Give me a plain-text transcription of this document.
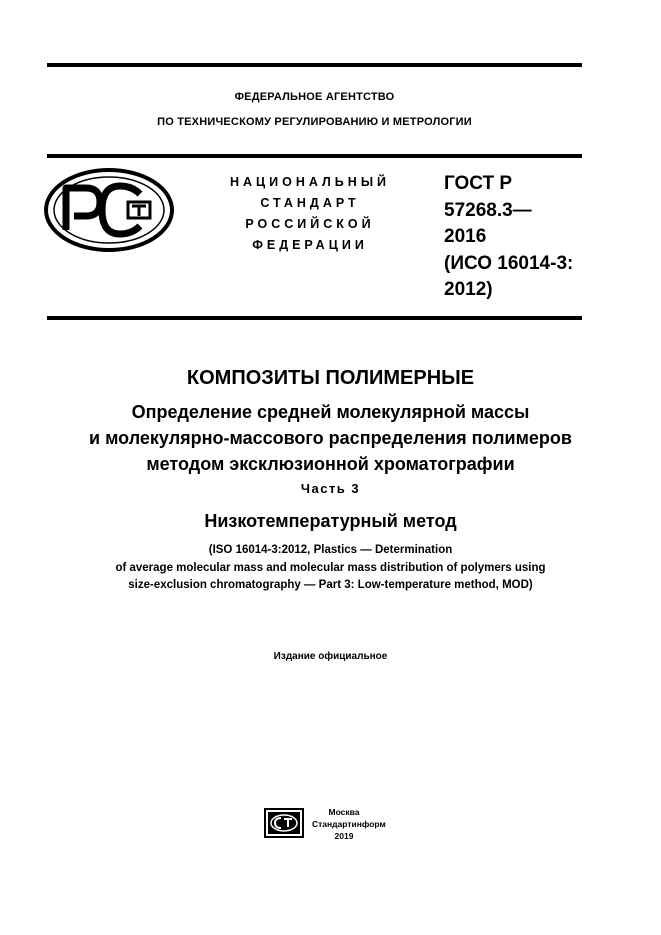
ФЕДЕРАЛЬНОЕ АГЕНТСТВО
ПО ТЕХНИЧЕСКОМУ РЕГУЛИРОВАНИЮ И МЕТРОЛОГИИ
НАЦИОНАЛЬНЫЙ
СТАНДАРТ
РОССИЙСКОЙ
ФЕДЕРАЦИИ
ГОСТ Р
57268.3—
2016
(ИСО 16014-3:
2012)
КОМПОЗИТЫ ПОЛИМЕРНЫЕ
Определение средней молекулярной массы
и молекулярно-массового распределения полимеров
методом эксклюзионной хроматографии
Часть 3
Низкотемпературный метод
(ISO 16014-3:2012, Plastics — Determination
of average molecular mass and molecular mass distribution of polymers using
size-exclusion chromatography — Part 3: Low-temperature method, MOD)
Издание официальное
Москва
Стандартинформ
2019
